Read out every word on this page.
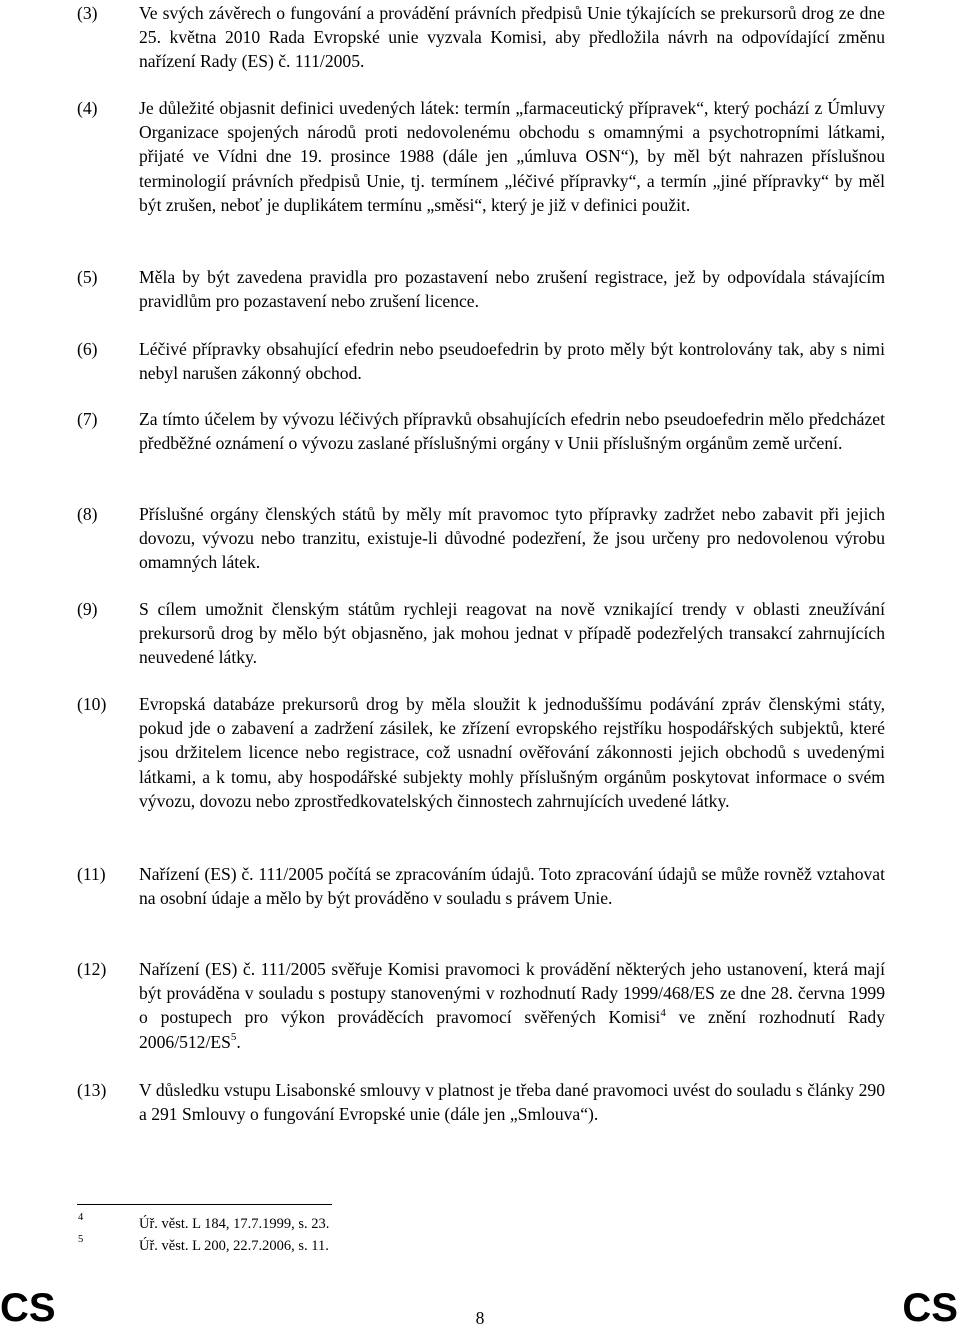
(3)	Ve svých závěrech o fungování a provádění právních předpisů Unie týkajících se prekursorů drog ze dne 25. května 2010 Rada Evropské unie vyzvala Komisi, aby předložila návrh na odpovídající změnu nařízení Rady (ES) č. 111/2005.

(4)	Je důležité objasnit definici uvedených látek: termín „farmaceutický přípravek“, který pochází z Úmluvy Organizace spojených národů proti nedovolenému obchodu s omamnými a psychotropními látkami, přijaté ve Vídni dne 19. prosince 1988 (dále jen „úmluva OSN“), by měl být nahrazen příslušnou terminologií právních předpisů Unie, tj. termínem „léčivé přípravky“, a termín „jiné přípravky“ by měl být zrušen, neboť je duplikátem termínu „směsi“, který je již v definici použit.

(5)	Měla by být zavedena pravidla pro pozastavení nebo zrušení registrace, jež by odpovídala stávajícím pravidlům pro pozastavení nebo zrušení licence.

(6)	Léčivé přípravky obsahující efedrin nebo pseudoefedrin by proto měly být kontrolovány tak, aby s nimi nebyl narušen zákonný obchod.

(7)	Za tímto účelem by vývozu léčivých přípravků obsahujících efedrin nebo pseudoefedrin mělo předcházet předběžné oznámení o vývozu zaslané příslušnými orgány v Unii příslušným orgánům země určení.

(8)	Příslušné orgány členských států by měly mít pravomoc tyto přípravky zadržet nebo zabavit při jejich dovozu, vývozu nebo tranzitu, existuje-li důvodné podezření, že jsou určeny pro nedovolenou výrobu omamných látek.

(9)	S cílem umožnit členským státům rychleji reagovat na nově vznikající trendy v oblasti zneužívání prekursorů drog by mělo být objasněno, jak mohou jednat v případě podezřelých transakcí zahrnujících neuvedené látky.

(10)	Evropská databáze prekursorů drog by měla sloužit k jednoduššímu podávání zpráv členskými státy, pokud jde o zabavení a zadržení zásilek, ke zřízení evropského rejstříku hospodářských subjektů, které jsou držitelem licence nebo registrace, což usnadní ověřování zákonnosti jejich obchodů s uvedenými látkami, a k tomu, aby hospodářské subjekty mohly příslušným orgánům poskytovat informace o svém vývozu, dovozu nebo zprostředkovatelských činnostech zahrnujících uvedené látky.

(11)	Nařízení (ES) č. 111/2005 počítá se zpracováním údajů. Toto zpracování údajů se může rovněž vztahovat na osobní údaje a mělo by být prováděno v souladu s právem Unie.

(12)	Nařízení (ES) č. 111/2005 svěřuje Komisi pravomoci k provádění některých jeho ustanovení, která mají být prováděna v souladu s postupy stanovenými v rozhodnutí Rady 1999/468/ES ze dne 28. června 1999 o postupech pro výkon prováděcích pravomocí svěřených Komisi$^4$ ve znění rozhodnutí Rady $2006/512/ES^5$.

(13)	V důsledku vstupu Lisabonské smlouvy v platnost je třeba dané pravomoci uvést do souladu s články 290 a 291 Smlouvy o fungování Evropské unie (dále jen „Smlouva“).

4	Úř. věst. L 184, 17.7.1999, s. 23.
5	Úř. věst. L 200, 22.7.2006, s. 11.
CS	8	CS
